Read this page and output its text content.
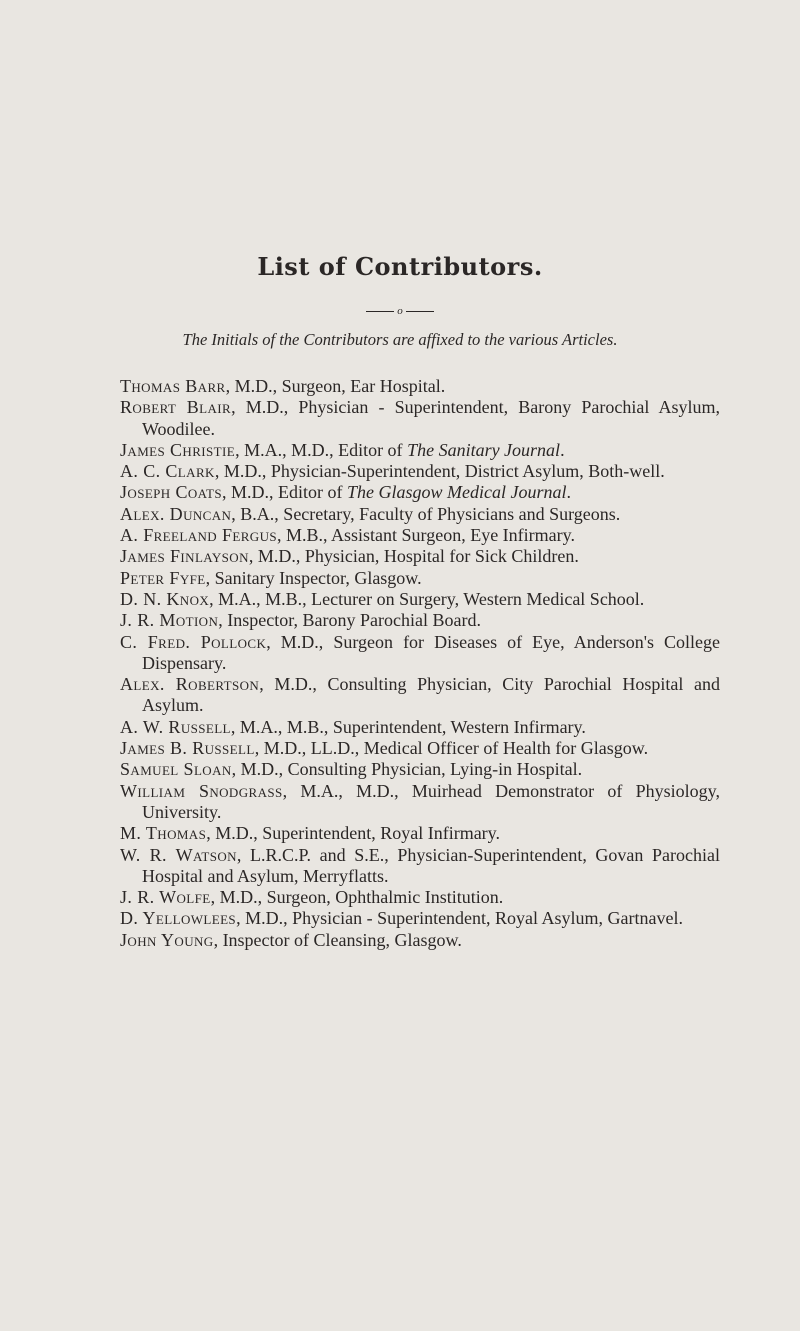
List of Contributors.
o

The Initials of the Contributors are affixed to the various Articles.

Thomas Barr, M.D., Surgeon, Ear Hospital.
Robert Blair, M.D., Physician - Superintendent, Barony Parochial Asylum, Woodilee.
James Christie, M.A., M.D., Editor of The Sanitary Journal.
A. C. Clark, M.D., Physician-Superintendent, District Asylum, Both-well.
Joseph Coats, M.D., Editor of The Glasgow Medical Journal.
Alex. Duncan, B.A., Secretary, Faculty of Physicians and Surgeons.
A. Freeland Fergus, M.B., Assistant Surgeon, Eye Infirmary.
James Finlayson, M.D., Physician, Hospital for Sick Children.
Peter Fyfe, Sanitary Inspector, Glasgow.
D. N. Knox, M.A., M.B., Lecturer on Surgery, Western Medical School.
J. R. Motion, Inspector, Barony Parochial Board.
C. Fred. Pollock, M.D., Surgeon for Diseases of Eye, Anderson's College Dispensary.
Alex. Robertson, M.D., Consulting Physician, City Parochial Hospital and Asylum.
A. W. Russell, M.A., M.B., Superintendent, Western Infirmary.
James B. Russell, M.D., LL.D., Medical Officer of Health for Glasgow.
Samuel Sloan, M.D., Consulting Physician, Lying-in Hospital.
William Snodgrass, M.A., M.D., Muirhead Demonstrator of Physiology, University.
M. Thomas, M.D., Superintendent, Royal Infirmary.
W. R. Watson, L.R.C.P. and S.E., Physician-Superintendent, Govan Parochial Hospital and Asylum, Merryflatts.
J. R. Wolfe, M.D., Surgeon, Ophthalmic Institution.
D. Yellowlees, M.D., Physician - Superintendent, Royal Asylum, Gartnavel.
John Young, Inspector of Cleansing, Glasgow.
